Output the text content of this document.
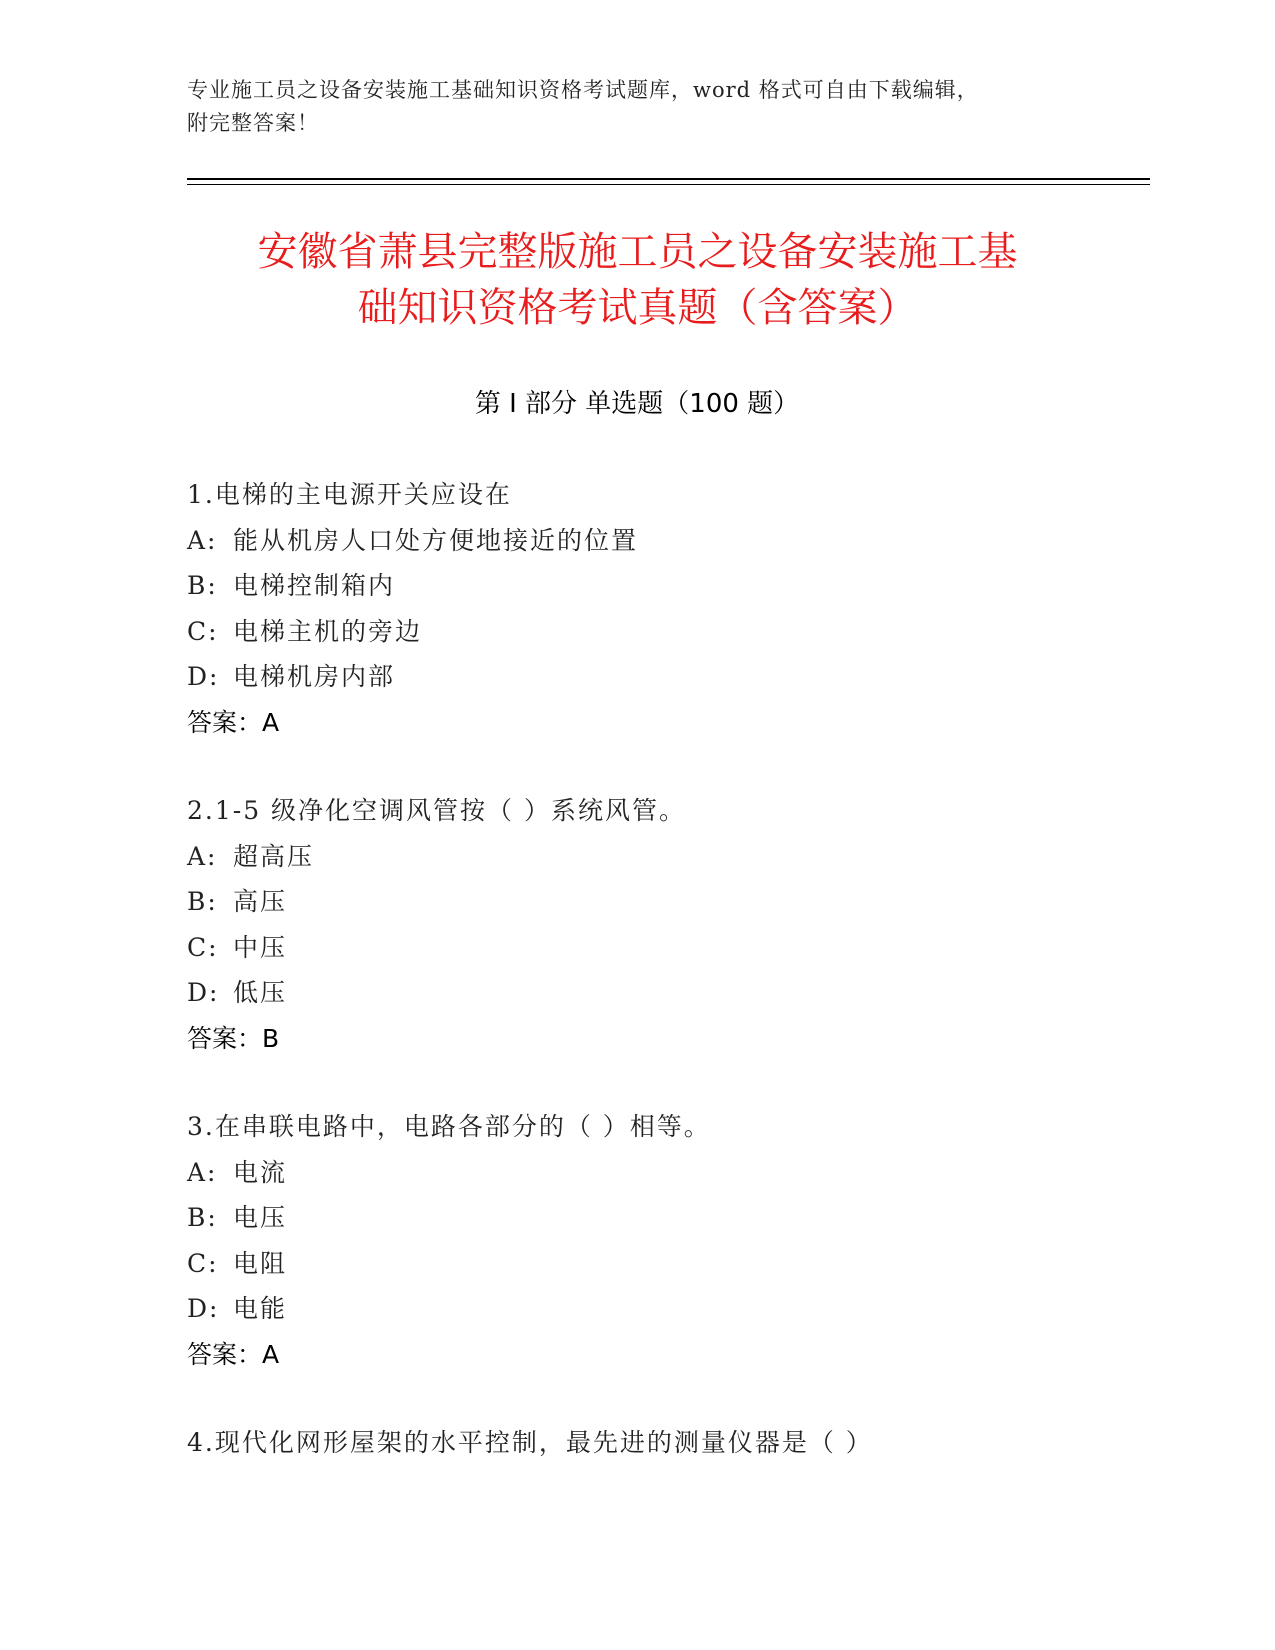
专业施工员之设备安装施工基础知识资格考试题库，word 格式可自由下载编辑，
附完整答案！
安徽省萧县完整版施工员之设备安装施工基
础知识资格考试真题（含答案）
第 I 部分 单选题（100 题）
1.电梯的主电源开关应设在
A: 能从机房人口处方便地接近的位置
B: 电梯控制箱内
C: 电梯主机的旁边
D: 电梯机房内部
答案：A
2.1-5 级净化空调风管按（ ）系统风管。
A: 超高压
B: 高压
C: 中压
D: 低压
答案：B
3.在串联电路中，电路各部分的（ ）相等。
A: 电流
B: 电压
C: 电阻
D: 电能
答案：A
4.现代化网形屋架的水平控制，最先进的测量仪器是（ ）
